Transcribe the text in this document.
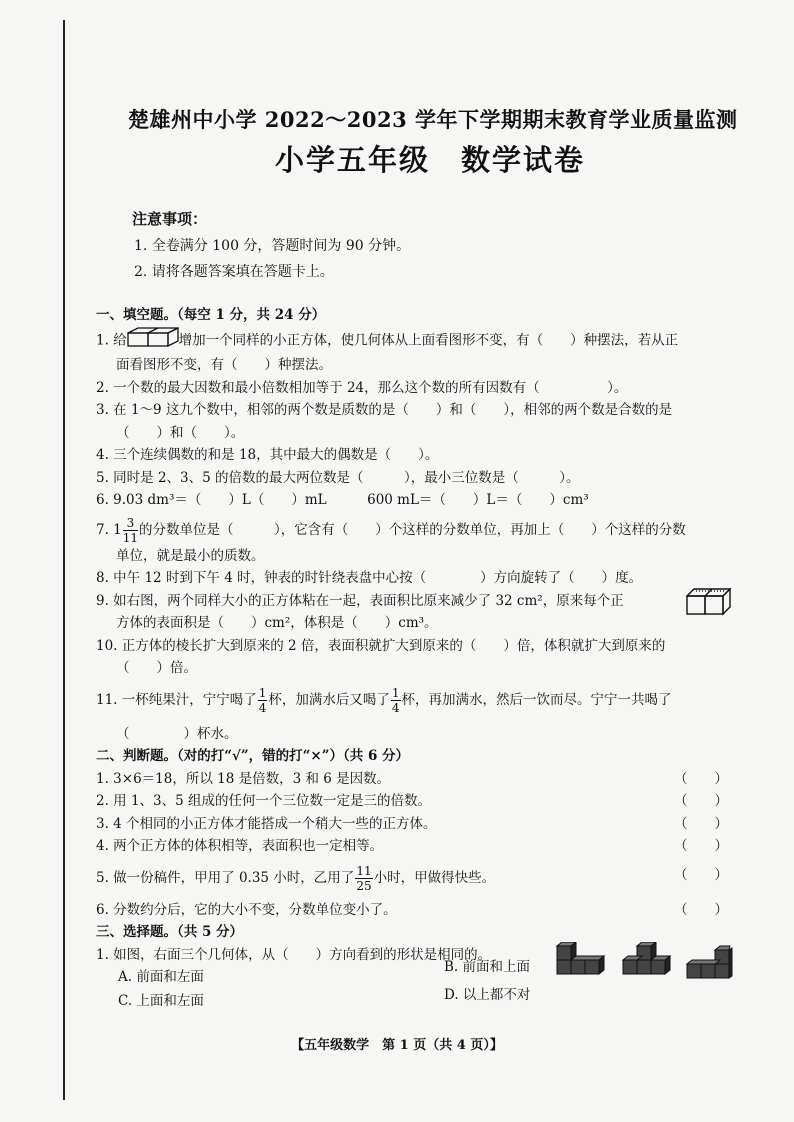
楚雄州中小学 2022～2023 学年下学期期末教育学业质量监测
小学五年级　数学试卷
注意事项：
1. 全卷满分 100 分，答题时间为 90 分钟。
2. 请将各题答案填在答题卡上。
一、填空题。（每空 1 分，共 24 分）
1. 给	增加一个同样的小正方体，使几何体从上面看图形不变，有（　　）种摆法，若从正
面看图形不变，有（　　）种摆法。
2. 一个数的最大因数和最小倍数相加等于 24，那么这个数的所有因数有（　　　　　）。
3. 在 1～9 这九个数中，相邻的两个数是质数的是（　　）和（　　），相邻的两个数是合数的是
（　　）和（　　）。
4. 三个连续偶数的和是 18，其中最大的偶数是（　　）。
5. 同时是 2、3、5 的倍数的最大两位数是（　　　），最小三位数是（　　　）。
6. 9.03 dm³＝（　　）L（　　）mL　　　600 mL＝（　　）L＝（　　）cm³
7. $1 \frac{3}{11}$ 的分数单位是（　　　），它含有（　　）个这样的分数单位，再加上（　　）个这样的分数
单位，就是最小的质数。
8. 中午 12 时到下午 4 时，钟表的时针绕表盘中心按（　　　　）方向旋转了（　　）度。
9. 如右图，两个同样大小的正方体粘在一起，表面积比原来减少了 32 cm²，原来每个正
方体的表面积是（　　）cm²，体积是（　　）cm³。
10. 正方体的棱长扩大到原来的 2 倍，表面积就扩大到原来的（　　）倍，体积就扩大到原来的
（　　）倍。
11. 一杯纯果汁，宁宁喝了 $\frac{1}{4}$ 杯，加满水后又喝了 $\frac{1}{4}$ 杯，再加满水，然后一饮而尽。宁宁一共喝了
（　　　　）杯水。
二、判断题。（对的打“√”，错的打“×”）（共 6 分）
1. 3×6＝18，所以 18 是倍数，3 和 6 是因数。	（　　）
2. 用 1、3、5 组成的任何一个三位数一定是三的倍数。	（　　）
3. 4 个相同的小正方体才能搭成一个稍大一些的正方体。	（　　）
4. 两个正方体的体积相等，表面积也一定相等。	（　　）
5. 做一份稿件，甲用了 0.35 小时，乙用了 $\frac{11}{25}$ 小时，甲做得快些。	（　　）
6. 分数约分后，它的大小不变，分数单位变小了。	（　　）
三、选择题。（共 5 分）
1. 如图，右面三个几何体，从（　　）方向看到的形状是相同的。
A. 前面和左面
B. 前面和上面
C. 上面和左面	D. 以上都不对
【五年级数学　第 1 页（共 4 页）】
